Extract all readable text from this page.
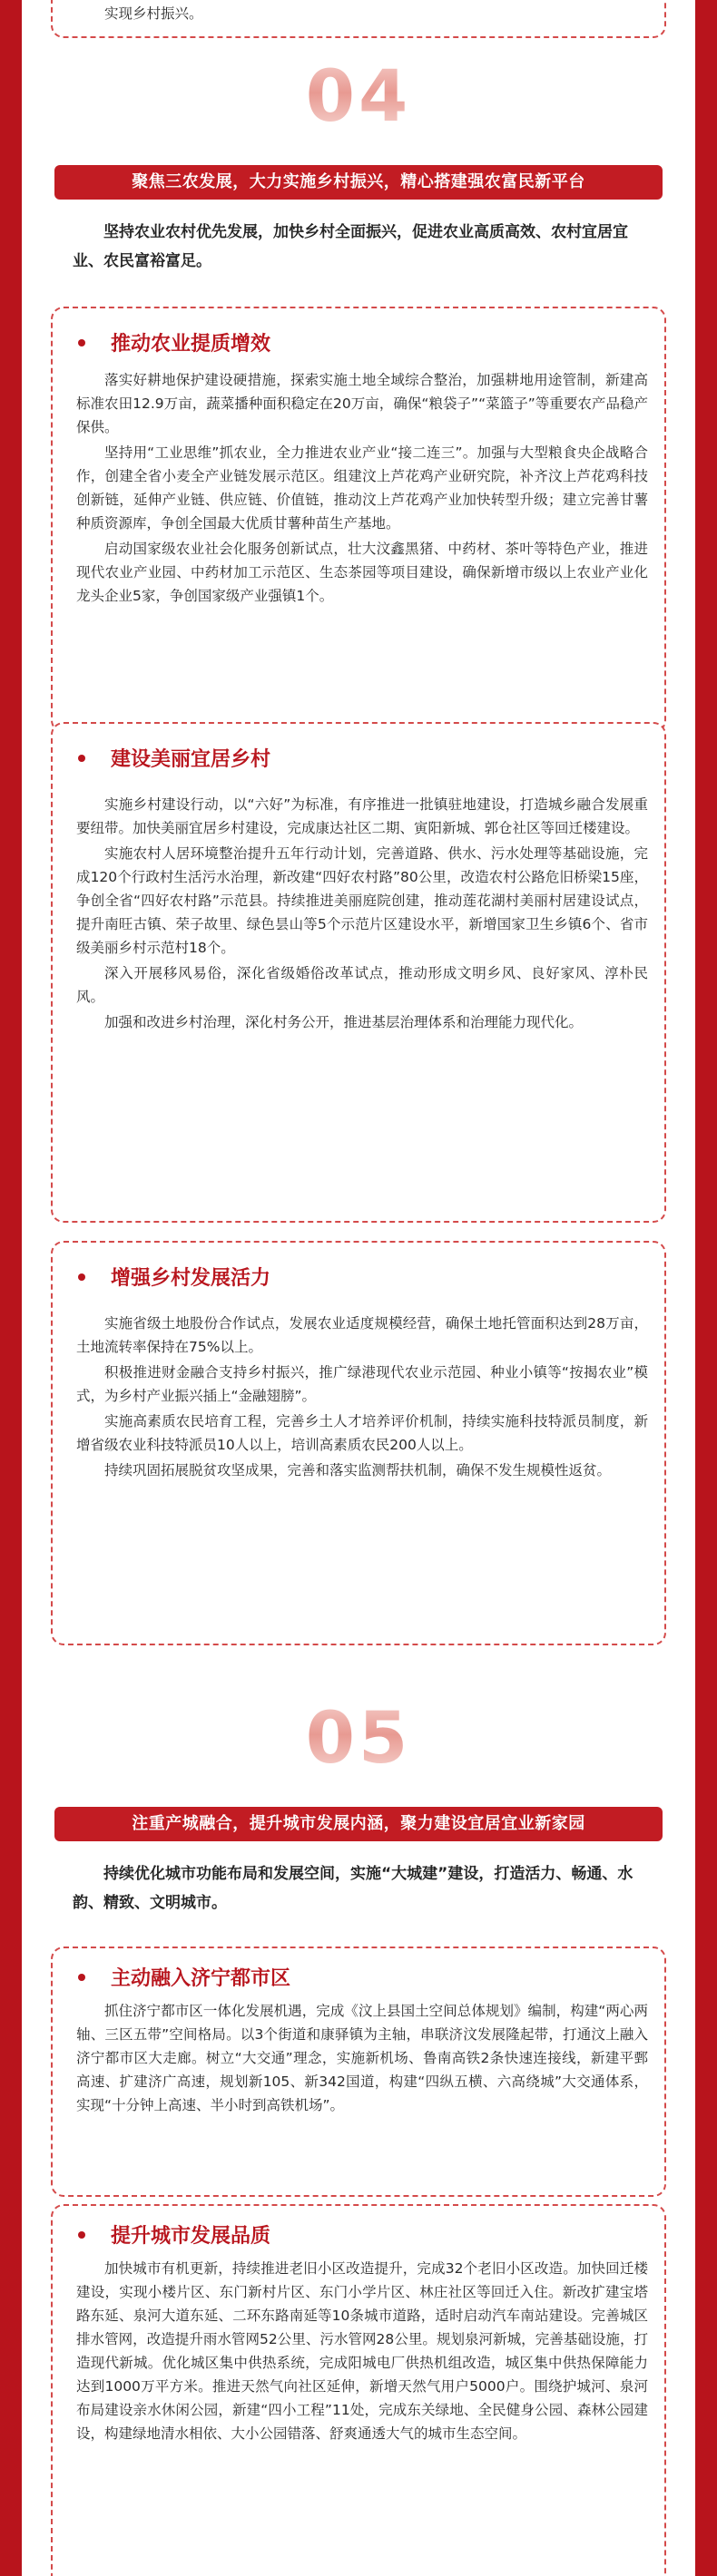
实现乡村振兴。

04
聚焦三农发展，大力实施乡村振兴，精心搭建强农富民新平台
坚持农业农村优先发展，加快乡村全面振兴，促进农业高质高效、农村宜居宜业、农民富裕富足。
推动农业提质增效

落实好耕地保护建设硬措施，探索实施土地全域综合整治，加强耕地用途管制，新建高标准农田12.9万亩，蔬菜播种面积稳定在20万亩，确保“粮袋子”“菜篮子”等重要农产品稳产保供。

坚持用“工业思维”抓农业，全力推进农业产业“接二连三”。加强与大型粮食央企战略合作，创建全省小麦全产业链发展示范区。组建汶上芦花鸡产业研究院，补齐汶上芦花鸡科技创新链，延伸产业链、供应链、价值链，推动汶上芦花鸡产业加快转型升级；建立完善甘薯种质资源库，争创全国最大优质甘薯种苗生产基地。

启动国家级农业社会化服务创新试点，壮大汶鑫黑猪、中药材、茶叶等特色产业，推进现代农业产业园、中药材加工示范区、生态茶园等项目建设，确保新增市级以上农业产业化龙头企业5家，争创国家级产业强镇1个。

建设美丽宜居乡村

实施乡村建设行动，以“六好”为标准，有序推进一批镇驻地建设，打造城乡融合发展重要纽带。加快美丽宜居乡村建设，完成康达社区二期、寅阳新城、郭仓社区等回迁楼建设。

实施农村人居环境整治提升五年行动计划，完善道路、供水、污水处理等基础设施，完成120个行政村生活污水治理，新改建“四好农村路”80公里，改造农村公路危旧桥梁15座，争创全省“四好农村路”示范县。持续推进美丽庭院创建，推动莲花湖村美丽村居建设试点，提升南旺古镇、荣子故里、绿色昙山等5个示范片区建设水平，新增国家卫生乡镇6个、省市级美丽乡村示范村18个。

深入开展移风易俗，深化省级婚俗改革试点，推动形成文明乡风、良好家风、淳朴民风。

加强和改进乡村治理，深化村务公开，推进基层治理体系和治理能力现代化。

增强乡村发展活力

实施省级土地股份合作试点，发展农业适度规模经营，确保土地托管面积达到28万亩，土地流转率保持在75%以上。

积极推进财金融合支持乡村振兴，推广绿港现代农业示范园、种业小镇等“按揭农业”模式，为乡村产业振兴插上“金融翅膀”。

实施高素质农民培育工程，完善乡土人才培养评价机制，持续实施科技特派员制度，新增省级农业科技特派员10人以上，培训高素质农民200人以上。

持续巩固拓展脱贫攻坚成果，完善和落实监测帮扶机制，确保不发生规模性返贫。

05
注重产城融合，提升城市发展内涵，聚力建设宜居宜业新家园
持续优化城市功能布局和发展空间，实施“大城建”建设，打造活力、畅通、水韵、精致、文明城市。
主动融入济宁都市区

抓住济宁都市区一体化发展机遇，完成《汶上县国土空间总体规划》编制，构建“两心两轴、三区五带”空间格局。以3个街道和康驿镇为主轴，串联济汶发展隆起带，打通汶上融入济宁都市区大走廊。树立“大交通”理念，实施新机场、鲁南高铁2条快速连接线，新建平鄄高速、扩建济广高速，规划新105、新342国道，构建“四纵五横、六高绕城”大交通体系，实现“十分钟上高速、半小时到高铁机场”。

提升城市发展品质

加快城市有机更新，持续推进老旧小区改造提升，完成32个老旧小区改造。加快回迁楼建设，实现小楼片区、东门新村片区、东门小学片区、林庄社区等回迁入住。新改扩建宝塔路东延、泉河大道东延、二环东路南延等10条城市道路，适时启动汽车南站建设。完善城区排水管网，改造提升雨水管网52公里、污水管网28公里。规划泉河新城，完善基础设施，打造现代新城。优化城区集中供热系统，完成阳城电厂供热机组改造，城区集中供热保障能力达到1000万平方米。推进天然气向社区延伸，新增天然气用户5000户。围绕护城河、泉河布局建设亲水休闲公园，新建“四小工程”11处，完成东关绿地、全民健身公园、森林公园建设，构建绿地清水相依、大小公园错落、舒爽通透大气的城市生态空间。
